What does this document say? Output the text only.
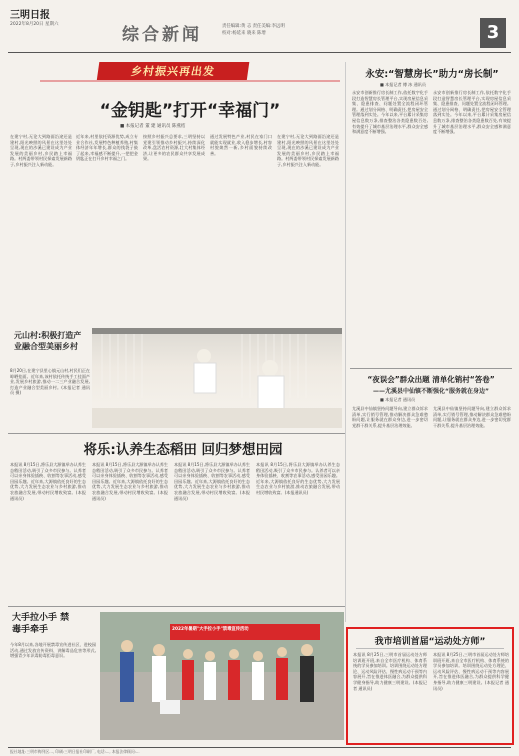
三明日报
2022年8月20日 星期六
综合新闻	责任编辑:黄 志 责任美编:李远明
校对:杨延来 晓来 陈增	3
乡村振兴再出发
“金钥匙”打开“幸福门”
■ 本报记者 董 建 通讯员 陈燕桔
在建宁村,无论大到路面沿途还是建村,阳光映照的风景在这里处处呈现,现在的沙溪已建设成为产业发展的美丽乡村,乡民踏上幸福路。村两委带领村民探索发展新路子,乡村振兴注入新动能。
近年来,村里依托资源优势,成立专业合作社,发展特色种植养殖,村集体经济年年增长,群众的钱袋子鼓了起来,幸福感不断提升,一把把金钥匙正在打开乡村幸福之门。
按照乡村振兴总要求,三明坚持以党建引领推动乡村振兴,持续深化改革,盘活农村资源,壮大村集体经济,让更多的农民群众共享发展成果。
通过发展特色产业,村民在家门口就能实现就业,收入稳步增长,村容村貌焕然一新,乡村面貌持续改善。
在建宁村,无论大到路面沿途还是建村,阳光映照的风景在这里处处呈现,现在的沙溪已建设成为产业发展的美丽乡村,乡民踏上幸福路。村两委带领村民探索发展新路子,乡村振兴注入新动能。
元山村:积极打造产业融合型美丽乡村
8月20日,在建宁县里心镇元山村,村民们正在晾晒挂面。近年来,该村依托传统手工挂面产业,发展乡村旅游,推动一二三产业融合发展,打造产业融合型美丽乡村。(本报记者 通讯员 摄)
将乐:认养生态稻田 回归梦想田园
本报讯 8月15日,将乐县大源镇举办认养生态稻田活动,吸引了众多市民参与。认养者可以亲身体验插秧、收割等农事活动,感受田园乐趣。近年来,大源镇依托良好的生态优势,大力发展生态农业与乡村旅游,推动农旅融合发展,带动村民增收致富。(本报通讯员)
本报讯 8月15日,将乐县大源镇举办认养生态稻田活动,吸引了众多市民参与。认养者可以亲身体验插秧、收割等农事活动,感受田园乐趣。近年来,大源镇依托良好的生态优势,大力发展生态农业与乡村旅游,推动农旅融合发展,带动村民增收致富。(本报通讯员)
本报讯 8月15日,将乐县大源镇举办认养生态稻田活动,吸引了众多市民参与。认养者可以亲身体验插秧、收割等农事活动,感受田园乐趣。近年来,大源镇依托良好的生态优势,大力发展生态农业与乡村旅游,推动农旅融合发展,带动村民增收致富。(本报通讯员)
本报讯 8月15日,将乐县大源镇举办认养生态稻田活动,吸引了众多市民参与。认养者可以亲身体验插秧、收割等农事活动,感受田园乐趣。近年来,大源镇依托良好的生态优势,大力发展生态农业与乡村旅游,推动农旅融合发展,带动村民增收致富。(本报通讯员)
大手拉小手 禁毒手牵手
今年8月以来,各地开展禁毒宣传进社区、进校园活动,通过发放宣传资料、讲解毒品危害等形式,增强青少年识毒防毒拒毒意识。
2022年暑期"大手拉小手"禁毒宣传活动
永安:“智慧房长”助力“房长制”
■ 本报记者 傅 冰 通讯员
永安市创新推行房长制工作,依托数字化手段打造智慧房长管理平台,实现房屋信息采集、隐患排查、问题处置全流程闭环管理。通过划分网格、明确责任,把房屋安全管理落到实处。今年以来,平台累计采集房屋信息数万条,排查整治各类隐患数百处,有效提升了城市基层治理水平,群众安全感和满意度不断增强。
永安市创新推行房长制工作,依托数字化手段打造智慧房长管理平台,实现房屋信息采集、隐患排查、问题处置全流程闭环管理。通过划分网格、明确责任,把房屋安全管理落到实处。今年以来,平台累计采集房屋信息数万条,排查整治各类隐患数百处,有效提升了城市基层治理水平,群众安全感和满意度不断增强。
“夜误会”群众出题 清单化销村“答卷”
——尤溪县中仙镇不断强化“服务就在身边”
■ 本报记者 通讯员
尤溪县中仙镇坚持问题导向,建立群众诉求清单,实行销号管理,推动解决群众急难愁盼问题,让服务就在群众身边,进一步密切党群干群关系,提升基层治理效能。
尤溪县中仙镇坚持问题导向,建立群众诉求清单,实行销号管理,推动解决群众急难愁盼问题,让服务就在群众身边,进一步密切党群干群关系,提升基层治理效能。
我市培训首届“运动处方师”
本报讯 8月25日,三明市首届运动处方师培训班开班,来自全市医疗机构、体育系统的学员参加培训。培训围绕运动处方理论、运动风险评估、慢性病运动干预等内容展开,旨在推进体医融合,为群众提供科学健身指导,助力健康三明建设。(本报记者 通讯员)
本报讯 8月25日,三明市首届运动处方师培训班开班,来自全市医疗机构、体育系统的学员参加培训。培训围绕运动处方理论、运动风险评估、慢性病运动干预等内容展开,旨在推进体医融合,为群众提供科学健身指导,助力健康三明建设。(本报记者 通讯员)
报社地址:三明市梅列区..., 印刷:三明日报社印刷厂, 电话:..., 本报法律顾问:...
